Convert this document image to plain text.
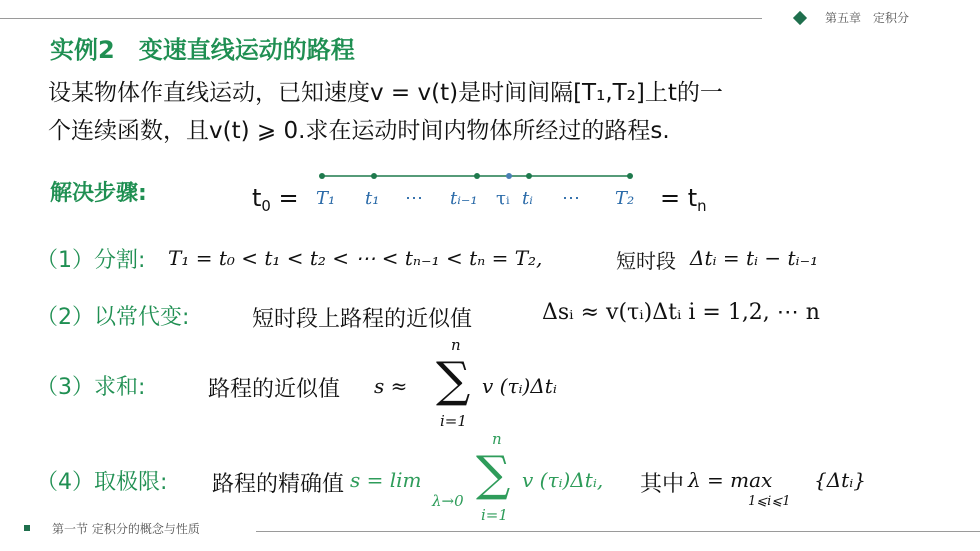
第五章　定积分
实例2　变速直线运动的路程
设某物体作直线运动，已知速度v = v(t)是时间间隔[T₁,T₂]上t的一
个连续函数，且v(t) ⩾ 0.求在运动时间内物体所经过的路程s.
解决步骤:	$t_0 = T_1$ t₁ ⋯ tᵢ₋₁ τᵢ tᵢ ⋯ $T_2 = t_n$
（1）分割: T₁ = t₀ < t₁ < t₂ < ⋯ < tₙ₋₁ < tₙ = T₂,	短时段 Δtᵢ = tᵢ − tᵢ₋₁
（2）以常代变:	短时段上路程的近似值	Δsᵢ ≈ v(τᵢ)Δtᵢ i = 1,2, ⋯ n
（3）求和:	路程的近似值 s ≈
n
∑
i=1
v (τᵢ)Δtᵢ
（4）取极限: 路程的精确值 s = lim
λ→0
n
∑
i=1
v (τᵢ)Δtᵢ, 其中 λ = max
1⩽i⩽1
{Δtᵢ}
第一节 定积分的概念与性质
